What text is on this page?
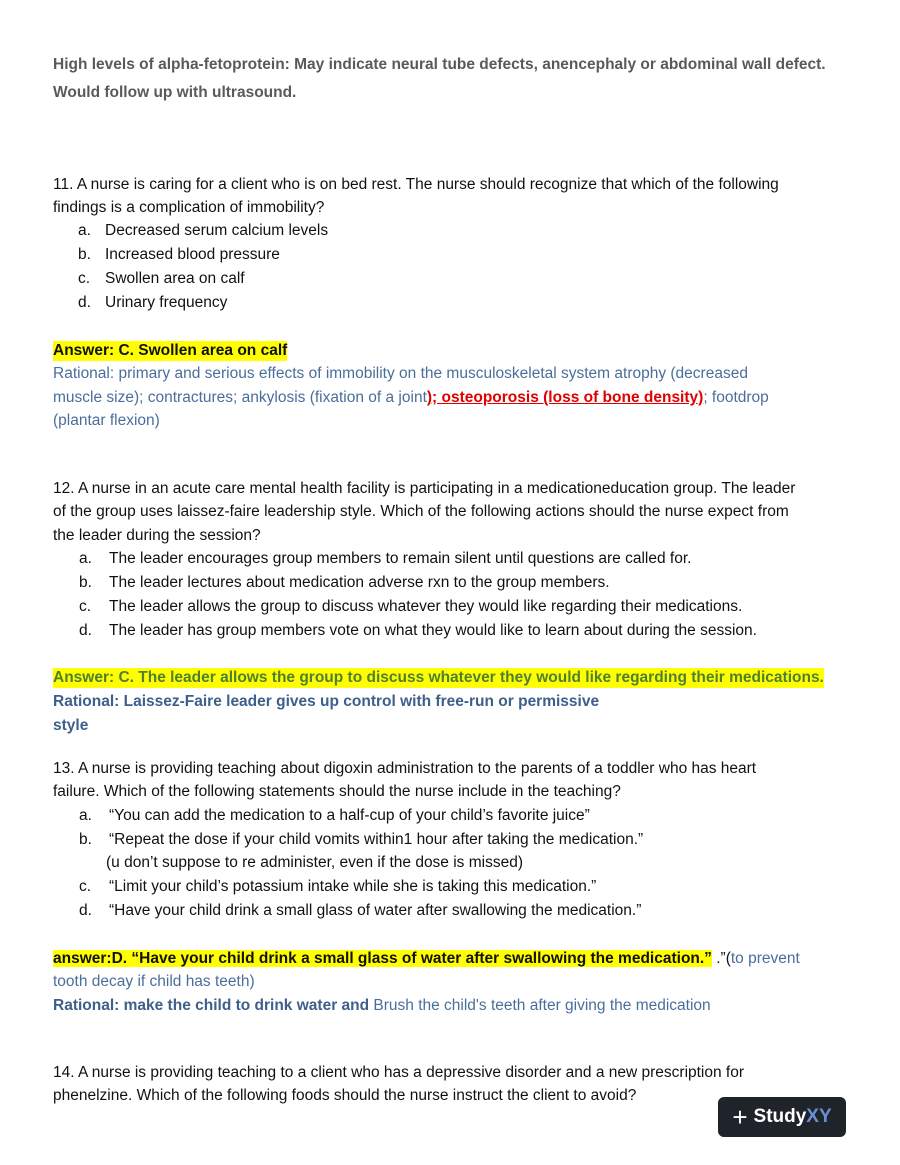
High levels of alpha-fetoprotein: May indicate neural tube defects, anencephaly or abdominal wall defect.
Would follow up with ultrasound.
11. A nurse is caring for a client who is on bed rest. The nurse should recognize that which of the following
findings is a complication of immobility?
a. Decreased serum calcium levels
b. Increased blood pressure
c. Swollen area on calf
d. Urinary frequency
Answer: C. Swollen area on calf
Rational: primary and serious effects of immobility on the musculoskeletal system atrophy (decreased
muscle size); contractures; ankylosis (fixation of a joint); osteoporosis (loss of bone density); footdrop
(plantar flexion)
12. A nurse in an acute care mental health facility is participating in a medicationeducation group. The leader
of the group uses laissez-faire leadership style. Which of the following actions should the nurse expect from
the leader during the session?
a. The leader encourages group members to remain silent until questions are called for.
b. The leader lectures about medication adverse rxn to the group members.
c. The leader allows the group to discuss whatever they would like regarding their medications.
d. The leader has group members vote on what they would like to learn about during the session.
Answer: C. The leader allows the group to discuss whatever they would like regarding their medications.
Rational: Laissez-Faire leader gives up control with free-run or permissive
style
13. A nurse is providing teaching about digoxin administration to the parents of a toddler who has heart
failure. Which of the following statements should the nurse include in the teaching?
a. “You can add the medication to a half-cup of your child’s favorite juice”
b. “Repeat the dose if your child vomits within1 hour after taking the medication.”
(u don’t suppose to re administer, even if the dose is missed)
c. “Limit your child’s potassium intake while she is taking this medication.”
d. “Have your child drink a small glass of water after swallowing the medication.”
answer:D. “Have your child drink a small glass of water after swallowing the medication.” .”(to prevent
tooth decay if child has teeth)
Rational: make the child to drink water and Brush the child's teeth after giving the medication
14. A nurse is providing teaching to a client who has a depressive disorder and a new prescription for
phenelzine. Which of the following foods should the nurse instruct the client to avoid?
+ Study XY
